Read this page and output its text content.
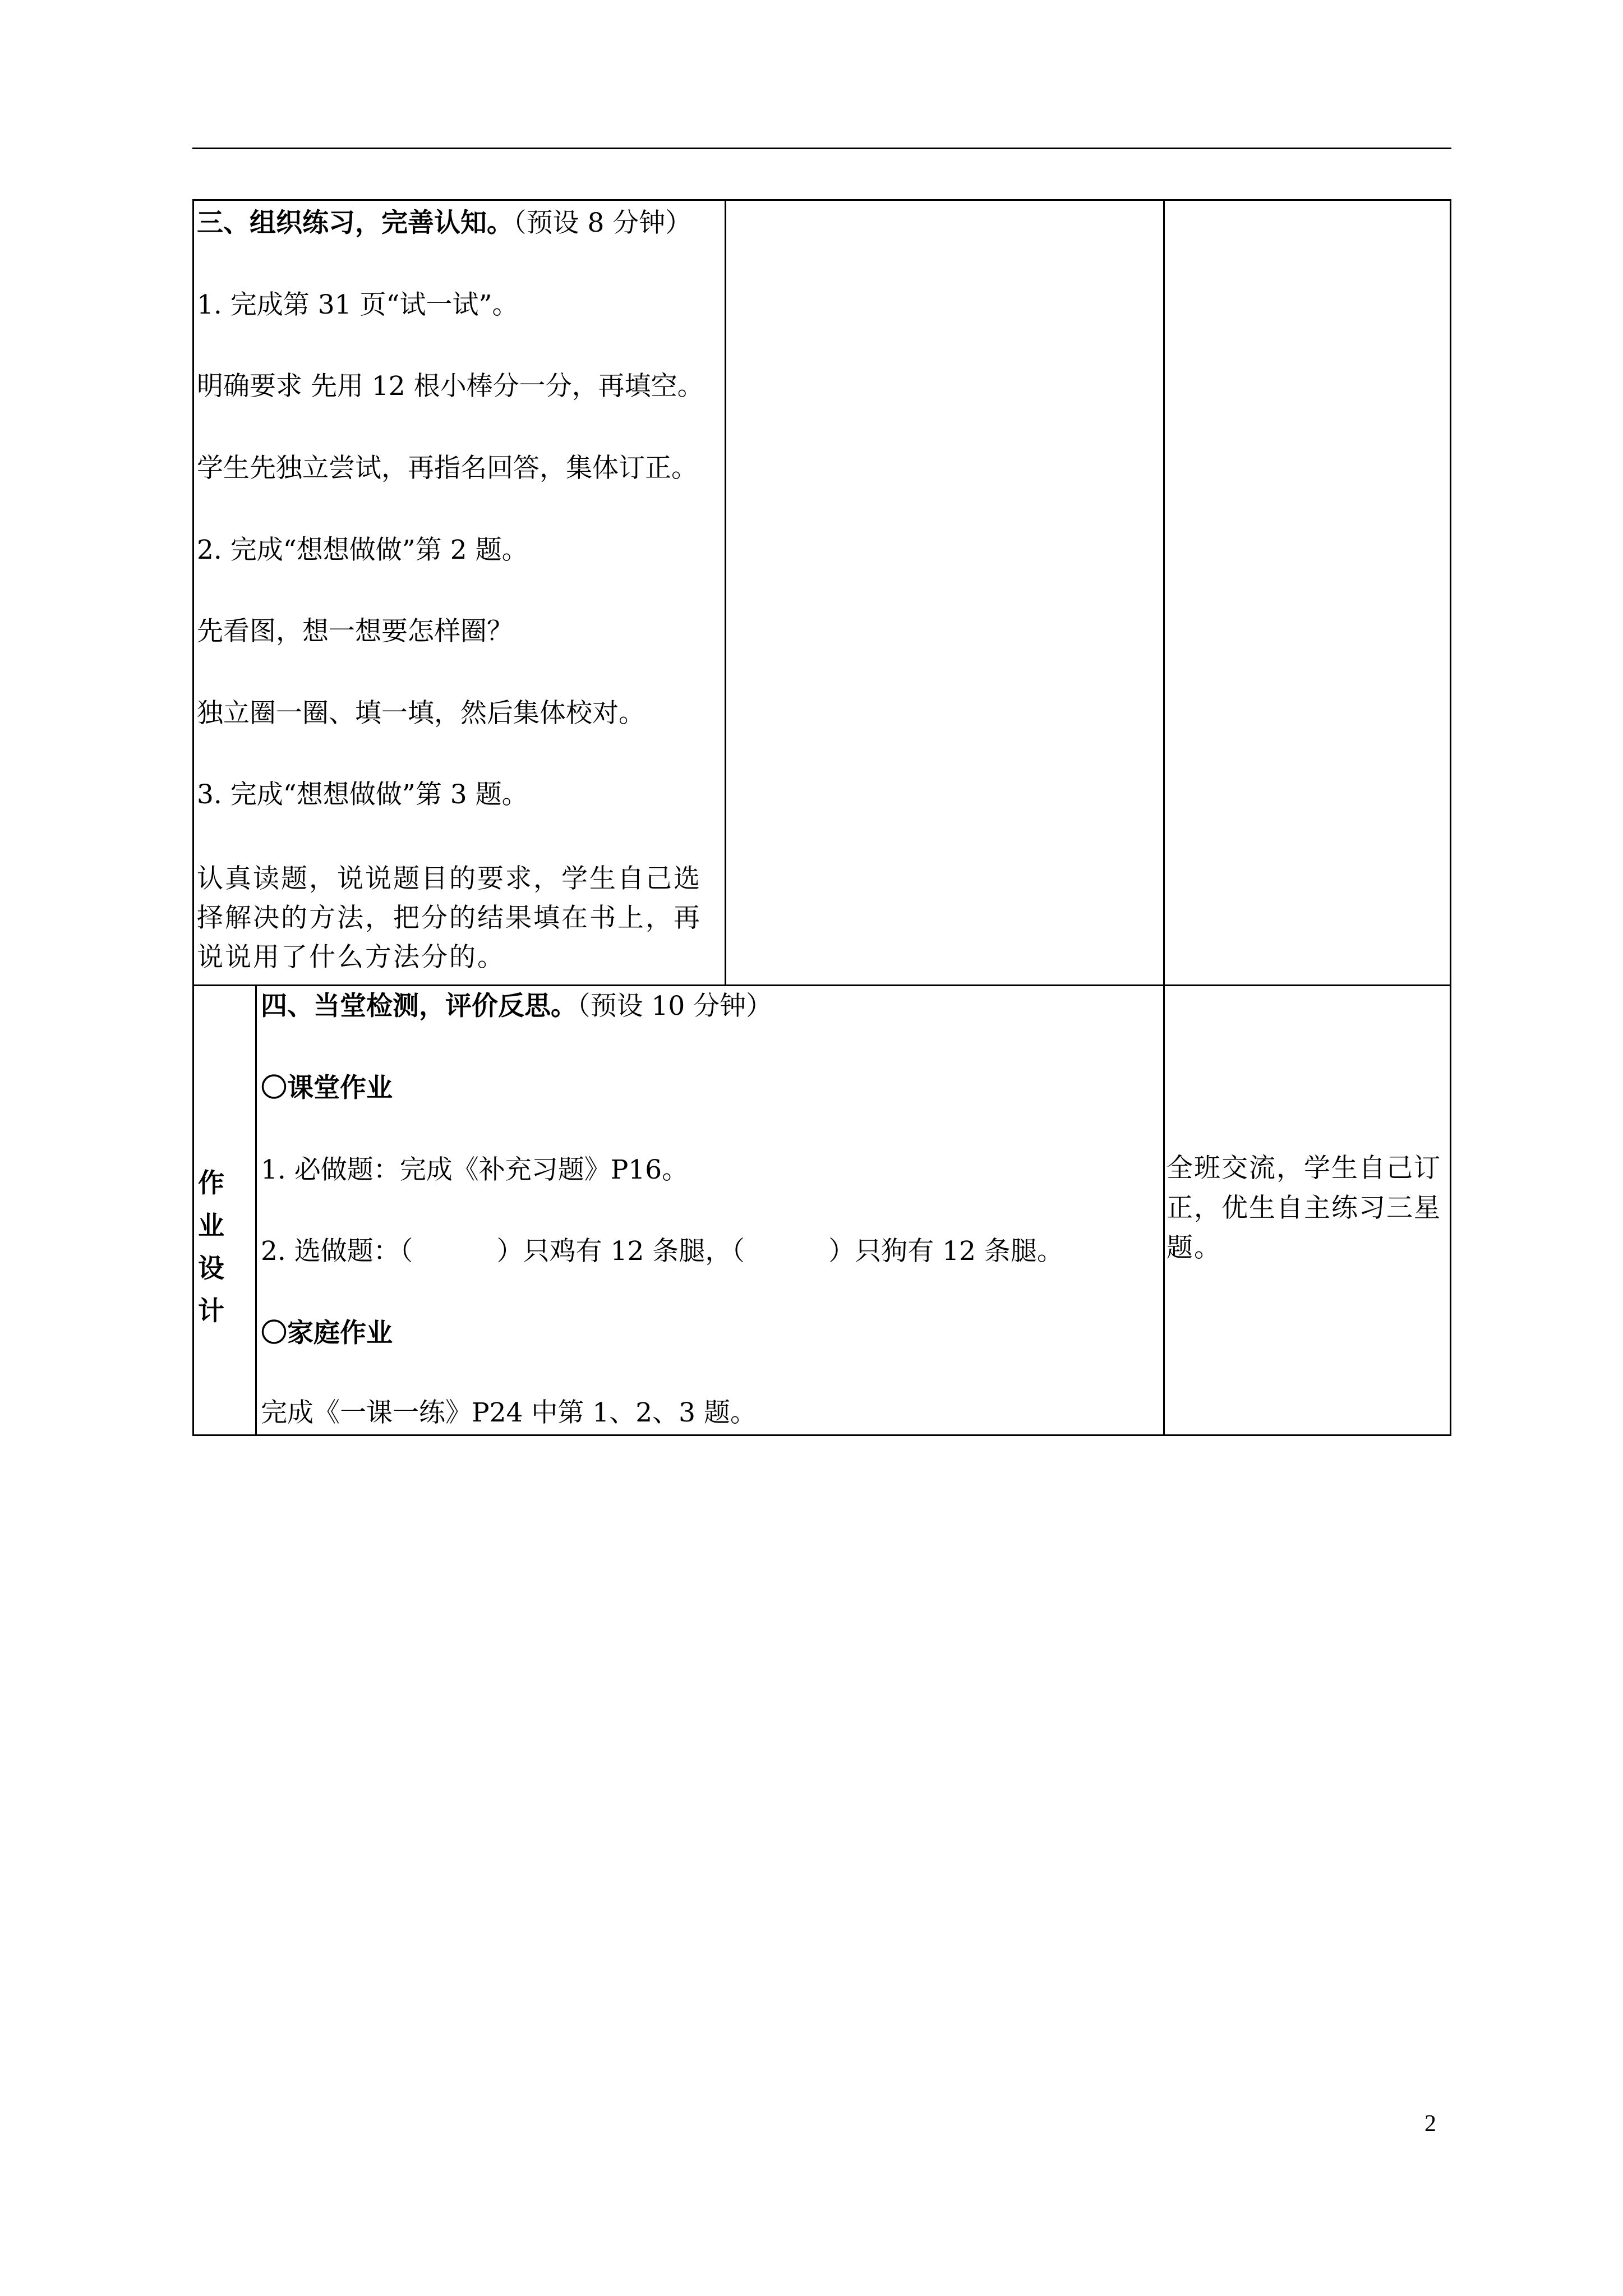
三、组织练习，完善认知。（预设 8 分钟）
1. 完成第 31 页“试一试”。
明确要求 先用 12 根小棒分一分，再填空。
学生先独立尝试，再指名回答，集体订正。
2. 完成“想想做做”第 2 题。
先看图，想一想要怎样圈？
独立圈一圈、填一填，然后集体校对。
3. 完成“想想做做”第 3 题。
认真读题，说说题目的要求，学生自己选择解决的方法，把分的结果填在书上，再说说用了什么方法分的。
作业设计
四、当堂检测，评价反思。（预设 10 分钟）
〇课堂作业
1. 必做题：完成《补充习题》P16。
2. 选做题：（          ）只鸡有 12 条腿，（          ）只狗有 12 条腿。
〇家庭作业
完成《一课一练》P24 中第 1、2、3 题。
全班交流，学生自己订正，优生自主练习三星题。
2
